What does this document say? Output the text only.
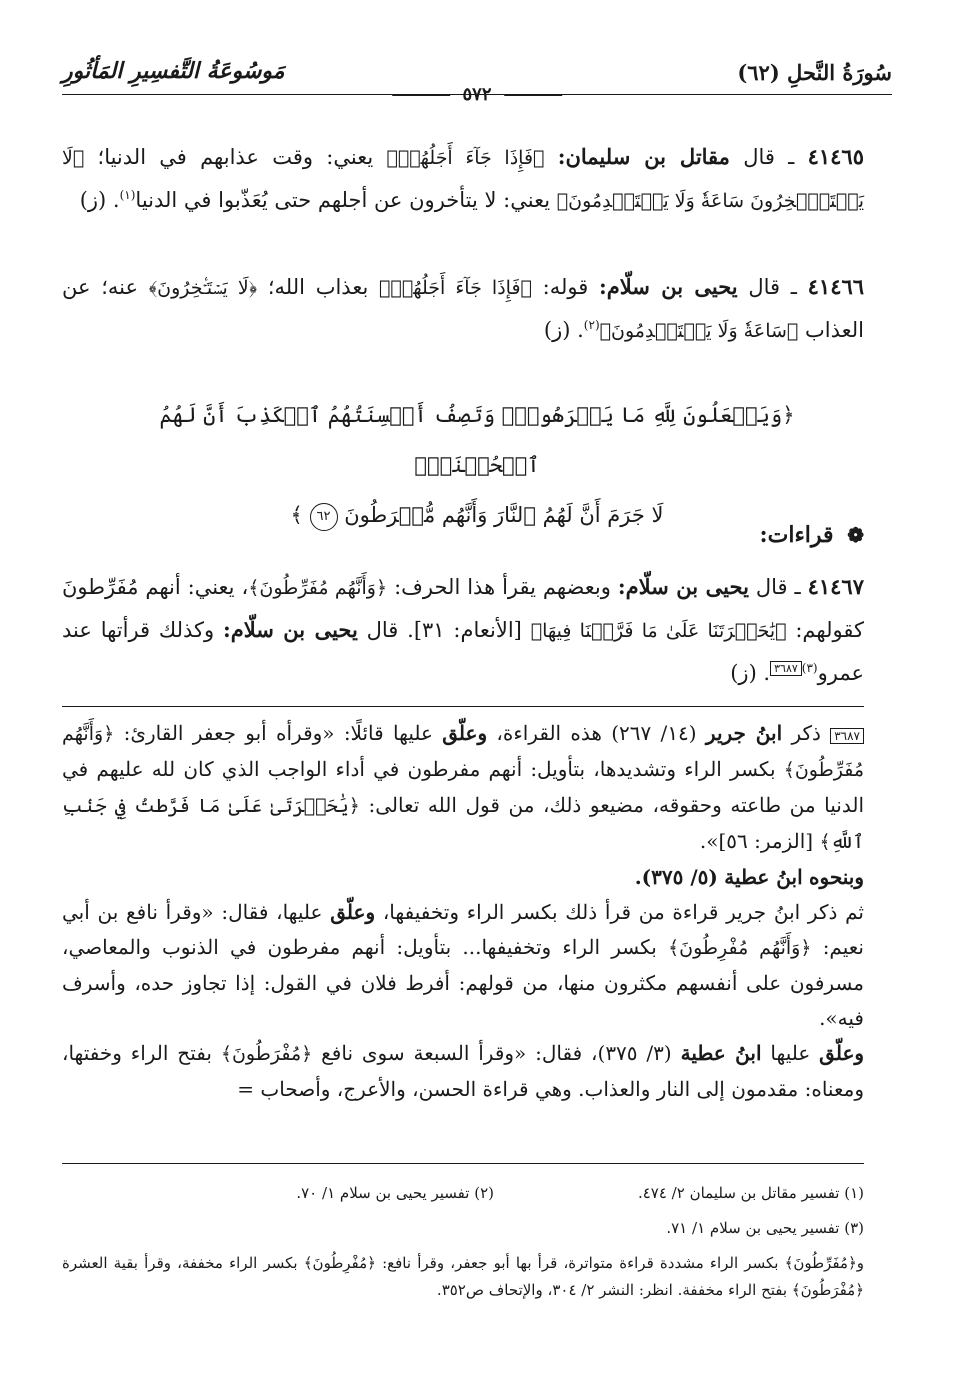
سُورَةُ النَّحلِ (٦٢)
مَوسُوعَةُ التَّفسِيرِ المَأثُورِ
٥٧٢
٤١٤٦٥ ـ قال مقاتل بن سليمان: ﴿فَإِذَا جَآءَ أَجَلُهُمۡ﴾ يعني: وقت عذابهم في الدنيا؛ ﴿لَا يَسۡتَـٔۡخِرُونَ سَاعَةٗ وَلَا يَسۡتَقۡدِمُونَ﴾ يعني: لا يتأخرون عن أجلهم حتى يُعَذّبوا في الدنيا$^{(١)}$. (ز)
٤١٤٦٦ ـ قال يحيى بن سلّام: قوله: ﴿فَإِذَا جَآءَ أَجَلُهُمۡ﴾ بعذاب الله؛ ﴿لَا يَسۡتَـٔۡخِرُونَ﴾ عنه؛ عن العذاب ﴿سَاعَةٗ وَلَا يَسۡتَقۡدِمُونَ﴾$^{(٢)}$. (ز)
﴿وَيَجۡعَلُونَ لِلَّهِ مَا يَكۡرَهُونَۚ وَتَصِفُ أَلۡسِنَتُهُمُ ٱلۡكَذِبَ أَنَّ لَهُمُ ٱلۡحُسۡنَىٰۖ
لَا جَرَمَ أَنَّ لَهُمُ ٱلنَّارَ وَأَنَّهُم مُّفۡرَطُونَ ٦٢ ﴾
❁ قراءات:
٤١٤٦٧ ـ قال يحيى بن سلّام: وبعضهم يقرأ هذا الحرف: ﴿وَأَنَّهُم مُفَرِّطُونَ﴾، يعني: أنهم مُفَرِّطونَ كقولهم: ﴿يَٰحَسۡرَتَنَا عَلَىٰ مَا فَرَّطۡنَا فِيهَا﴾ [الأنعام: ٣١]. قال يحيى بن سلّام: وكذلك قرأتها عند عمرو$^{(٣)}$٣٦٨٧. (ز)
٣٦٨٧ ذكر ابنُ جرير (١٤/ ٢٦٧) هذه القراءة، وعلّق عليها قائلًا: «وقرأه أبو جعفر القارئ: ﴿وَأَنَّهُم مُفَرِّطُونَ﴾ بكسر الراء وتشديدها، بتأويل: أنهم مفرطون في أداء الواجب الذي كان لله عليهم في الدنيا من طاعته وحقوقه، مضيعو ذلك، من قول الله تعالى: ﴿يَٰحَسۡرَتَىٰ عَلَىٰ مَا فَرَّطتُ فِي جَنۢبِ ٱللَّهِ﴾ [الزمر: ٥٦]».
وبنحوه ابنُ عطية (٥/ ٣٧٥).
ثم ذكر ابنُ جرير قراءة من قرأ ذلك بكسر الراء وتخفيفها، وعلّق عليها، فقال: «وقرأ نافع بن أبي نعيم: ﴿وَأَنَّهُم مُفْرِطُونَ﴾ بكسر الراء وتخفيفها... بتأويل: أنهم مفرطون في الذنوب والمعاصي، مسرفون على أنفسهم مكثرون منها، من قولهم: أفرط فلان في القول: إذا تجاوز حده، وأسرف فيه».
وعلّق عليها ابنُ عطية (٣/ ٣٧٥)، فقال: «وقرأ السبعة سوى نافع ﴿مُفْرَطُونَ﴾ بفتح الراء وخفتها، ومعناه: مقدمون إلى النار والعذاب. وهي قراءة الحسن، والأعرج، وأصحاب =
(١) تفسير مقاتل بن سليمان ٢/ ٤٧٤.
(٢) تفسير يحيى بن سلام ١/ ٧٠.
(٣) تفسير يحيى بن سلام ١/ ٧١.
و﴿مُفَرِّطُونَ﴾ بكسر الراء مشددة قراءة متواترة، قرأ بها أبو جعفر، وقرأ نافع: ﴿مُفْرِطُونَ﴾ بكسر الراء مخففة، وقرأ بقية العشرة ﴿مُفْرَطُونَ﴾ بفتح الراء مخففة. انظر: النشر ٢/ ٣٠٤، والإتحاف ص٣٥٢.
